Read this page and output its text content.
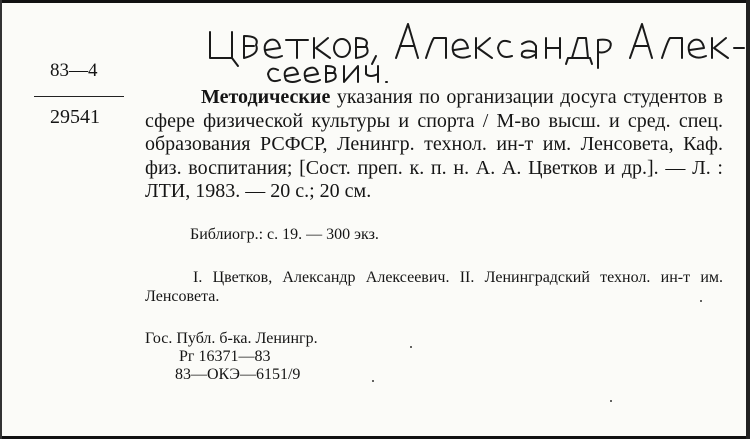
83—4
29541
Методические указания по организации досуга студентов в сфере физической культуры и спорта / М-во высш. и сред. спец. образования РСФСР, Ленингр. технол. ин-т им. Ленсовета, Каф. физ. воспитания; [Сост. преп. к. п. н. А. А. Цветков и др.]. — Л. : ЛТИ, 1983. — 20 с.; 20 см.
Библиогр.: с. 19. — 300 экз.
I. Цветков, Александр Алексеевич. II. Ленинградский технол. ин-т им. Ленсовета.
Гос. Публ. б-ка. Ленингр.
Рг 16371—83
83—ОКЭ—6151/9
